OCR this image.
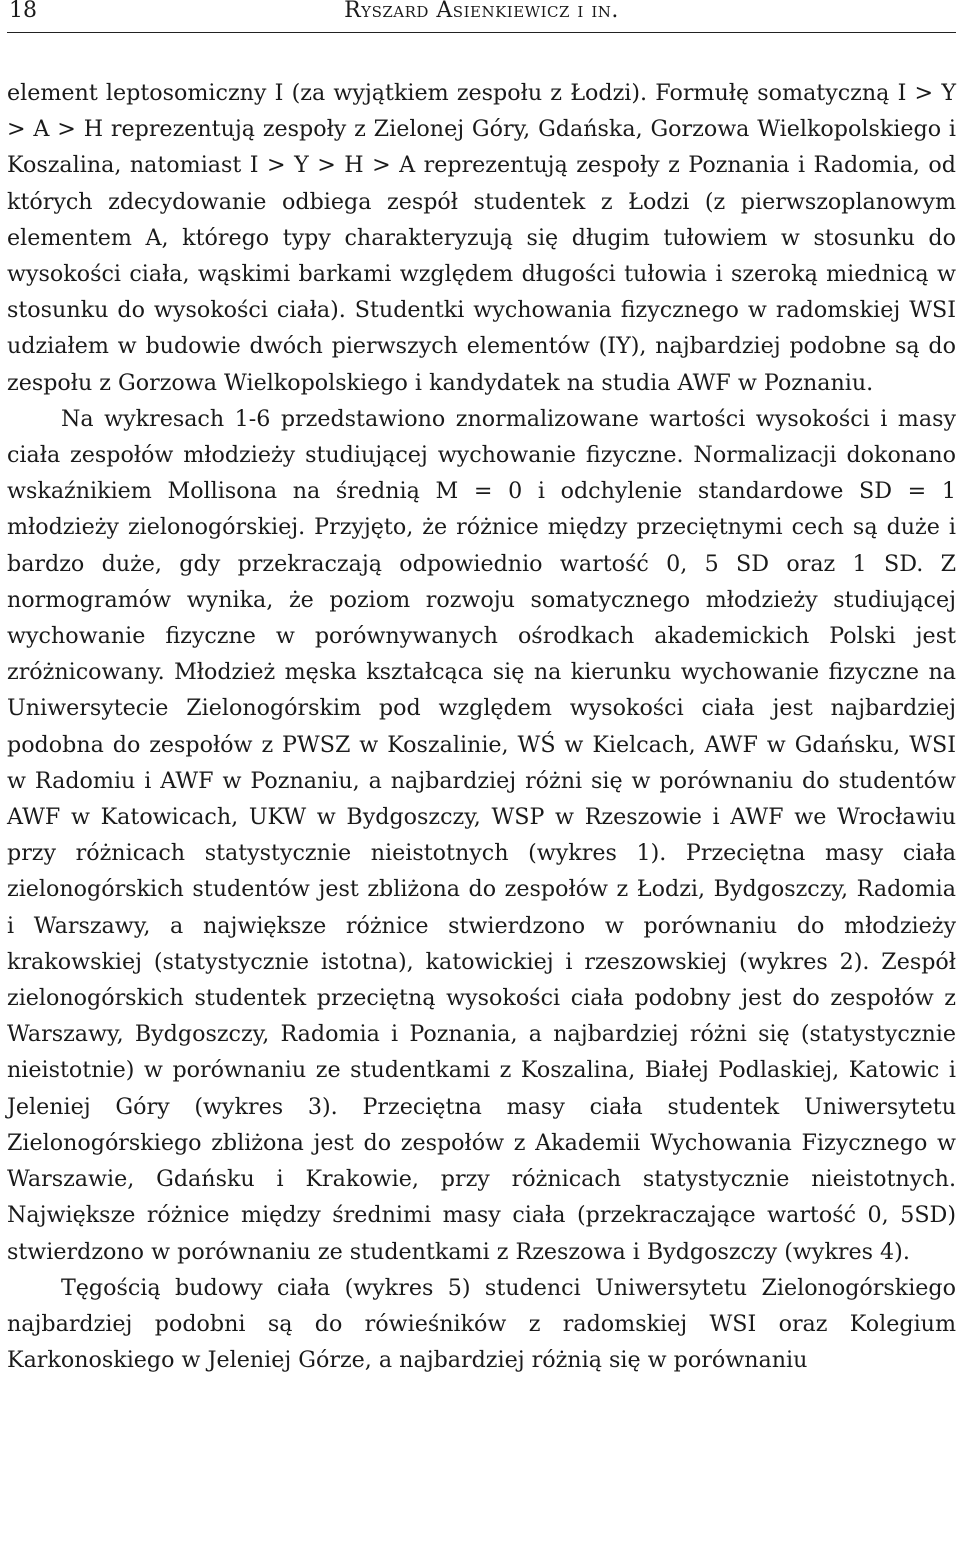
18	Ryszard Asienkiewicz i in.

element leptosomiczny I (za wyjątkiem zespołu z Łodzi). Formułę somatyczną I > Y > A > H reprezentują zespoły z Zielonej Góry, Gdańska, Gorzowa Wielkopolskiego i Koszalina, natomiast I > Y > H > A reprezentują zespoły z Poznania i Radomia, od których zdecydowanie odbiega zespół studentek z Łodzi (z pierwszoplanowym elementem A, którego typy charakteryzują się długim tułowiem w stosunku do wysokości ciała, wąskimi barkami względem długości tułowia i szeroką miednicą w stosunku do wysokości ciała). Studentki wychowania fizycznego w radomskiej WSI udziałem w budowie dwóch pierwszych elementów (IY), najbardziej podobne są do zespołu z Gorzowa Wielkopolskiego i kandydatek na studia AWF w Poznaniu.

Na wykresach 1-6 przedstawiono znormalizowane wartości wysokości i masy ciała zespołów młodzieży studiującej wychowanie fizyczne. Normalizacji dokonano wskaźnikiem Mollisona na średnią M = 0 i odchylenie standardowe SD = 1 młodzieży zielonogórskiej. Przyjęto, że różnice między przeciętnymi cech są duże i bardzo duże, gdy przekraczają odpowiednio wartość 0, 5 SD oraz 1 SD. Z normogramów wynika, że poziom rozwoju somatycznego młodzieży studiującej wychowanie fizyczne w porównywanych ośrodkach akademickich Polski jest zróżnicowany. Młodzież męska kształcąca się na kierunku wychowanie fizyczne na Uniwersytecie Zielonogórskim pod względem wysokości ciała jest najbardziej podobna do zespołów z PWSZ w Koszalinie, WŚ w Kielcach, AWF w Gdańsku, WSI w Radomiu i AWF w Poznaniu, a najbardziej różni się w porównaniu do studentów AWF w Katowicach, UKW w Bydgoszczy, WSP w Rzeszowie i AWF we Wrocławiu przy różnicach statystycznie nieistotnych (wykres 1). Przeciętna masy ciała zielonogórskich studentów jest zbliżona do zespołów z Łodzi, Bydgoszczy, Radomia i Warszawy, a największe różnice stwierdzono w porównaniu do młodzieży krakowskiej (statystycznie istotna), katowickiej i rzeszowskiej (wykres 2). Zespół zielonogórskich studentek przeciętną wysokości ciała podobny jest do zespołów z Warszawy, Bydgoszczy, Radomia i Poznania, a najbardziej różni się (statystycznie nieistotnie) w porównaniu ze studentkami z Koszalina, Białej Podlaskiej, Katowic i Jeleniej Góry (wykres 3). Przeciętna masy ciała studentek Uniwersytetu Zielonogórskiego zbliżona jest do zespołów z Akademii Wychowania Fizycznego w Warszawie, Gdańsku i Krakowie, przy różnicach statystycznie nieistotnych. Największe różnice między średnimi masy ciała (przekraczające wartość 0, 5SD) stwierdzono w porównaniu ze studentkami z Rzeszowa i Bydgoszczy (wykres 4).

Tęgością budowy ciała (wykres 5) studenci Uniwersytetu Zielonogórskiego najbardziej podobni są do rówieśników z radomskiej WSI oraz Kolegium Karkonoskiego w Jeleniej Górze, a najbardziej różnią się w porównaniu
